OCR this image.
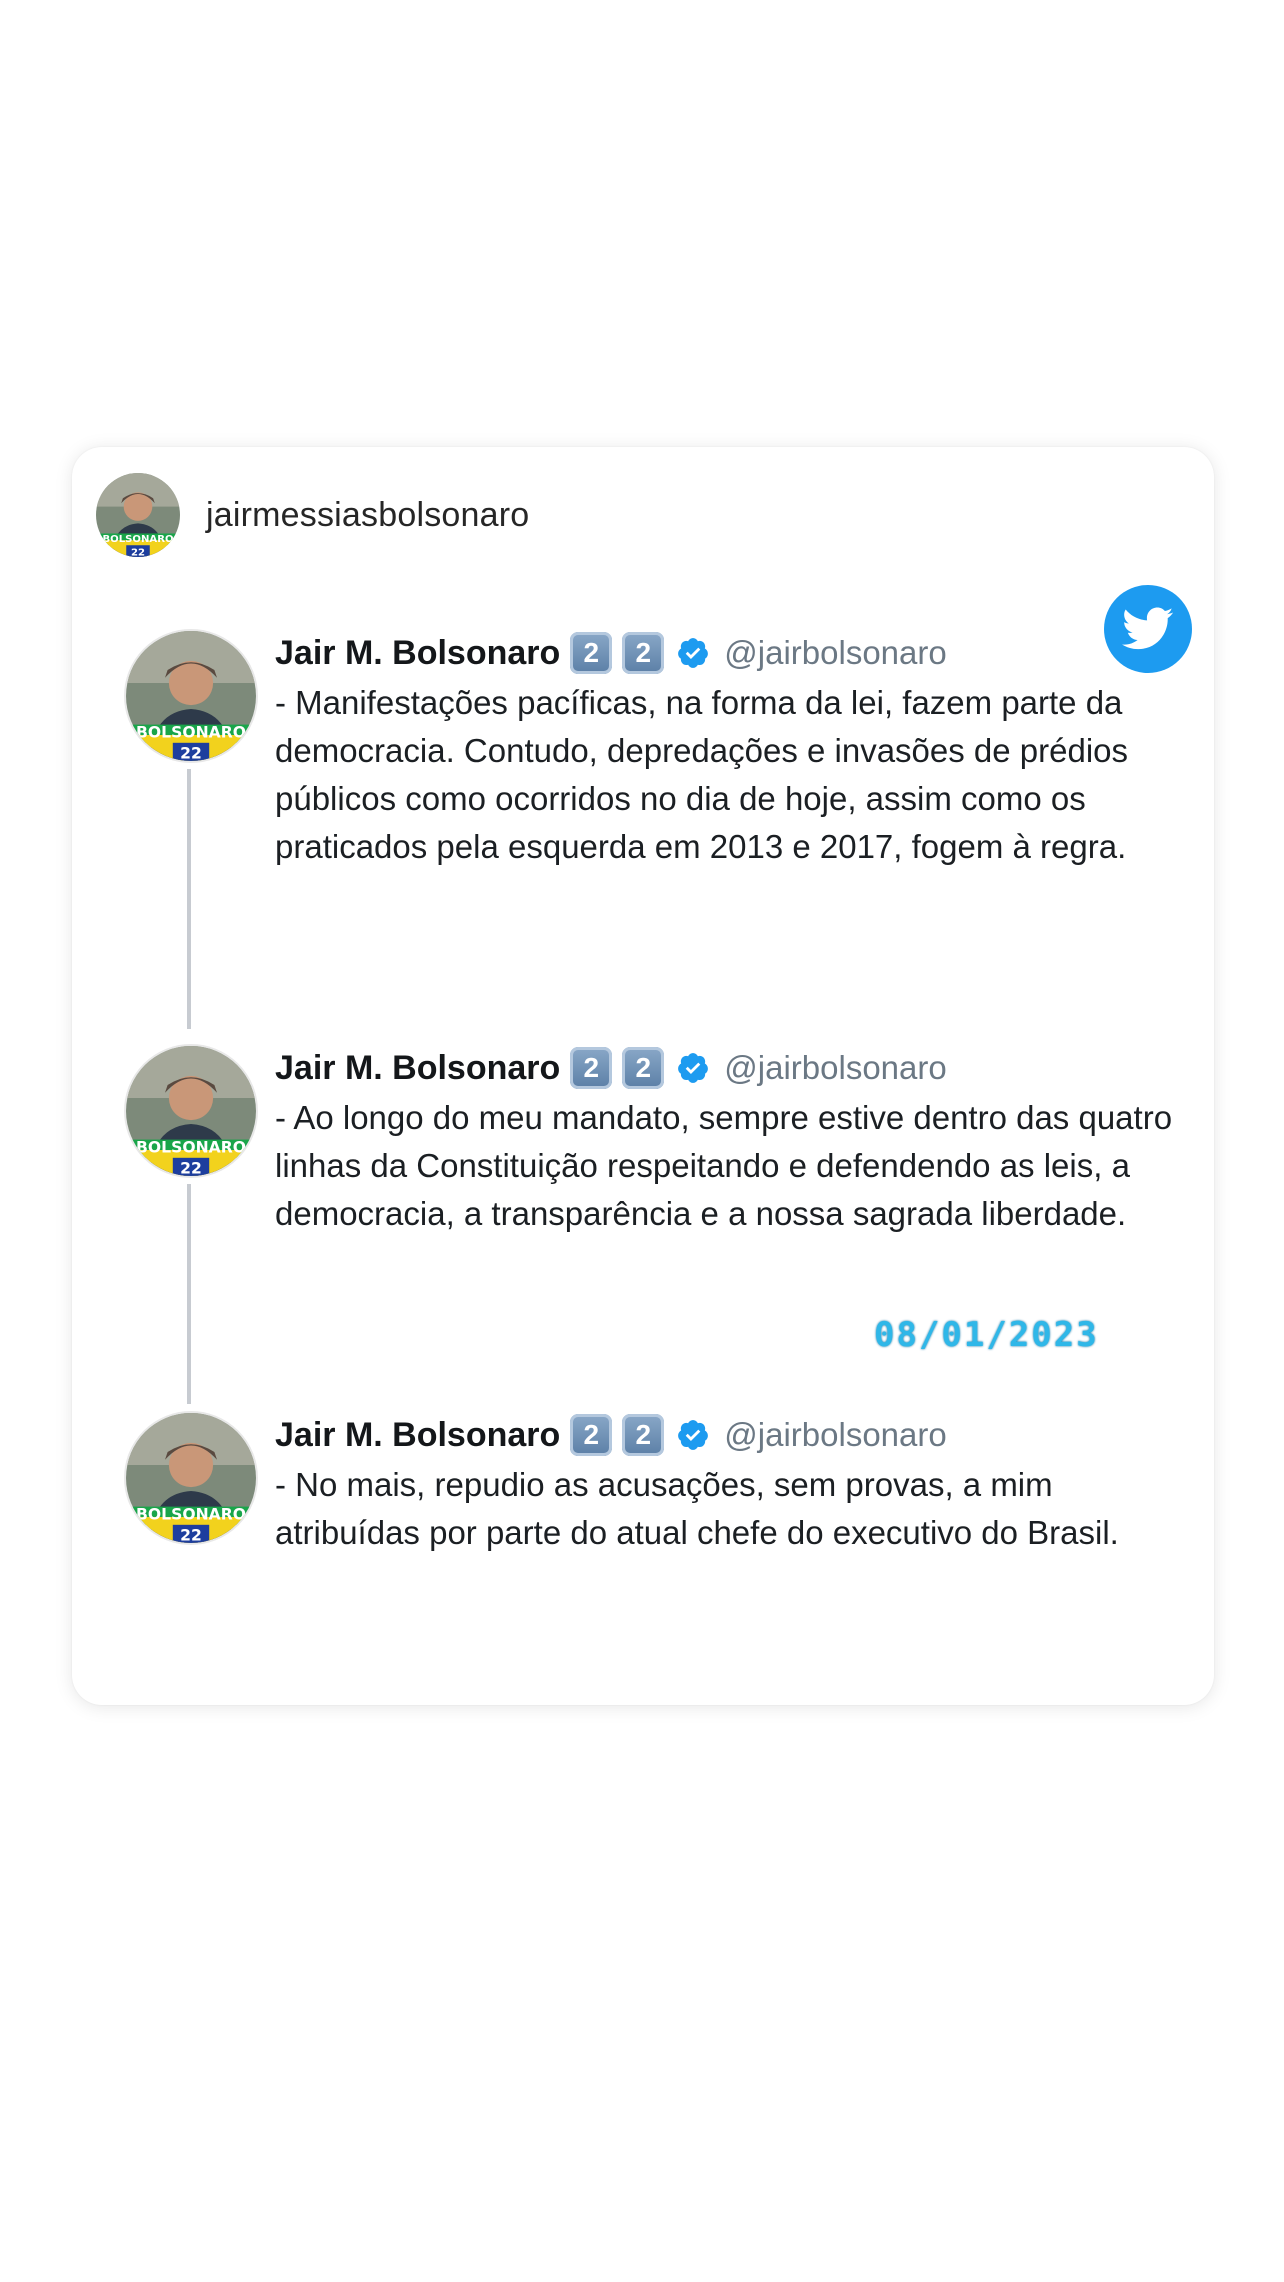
BOLSONARO
22
jairmessiasbolsonaro
BOLSONARO
22
Jair M. Bolsonaro 2	2	@jairbolsonaro

- Manifestações pacíficas, na forma da lei, fazem parte da democracia. Contudo, depredações e invasões de prédios públicos como ocorridos no dia de hoje, assim como os praticados pela esquerda em 2013 e 2017, fogem à regra.

BOLSONARO
22
Jair M. Bolsonaro 2	2	@jairbolsonaro

- Ao longo do meu mandato, sempre estive dentro das quatro linhas da Constituição respeitando e defendendo as leis, a democracia, a transparência e a nossa sagrada liberdade.

08/01/2023
BOLSONARO
22
Jair M. Bolsonaro 2	2	@jairbolsonaro

- No mais, repudio as acusações, sem provas, a mim atribuídas por parte do atual chefe do executivo do Brasil.
